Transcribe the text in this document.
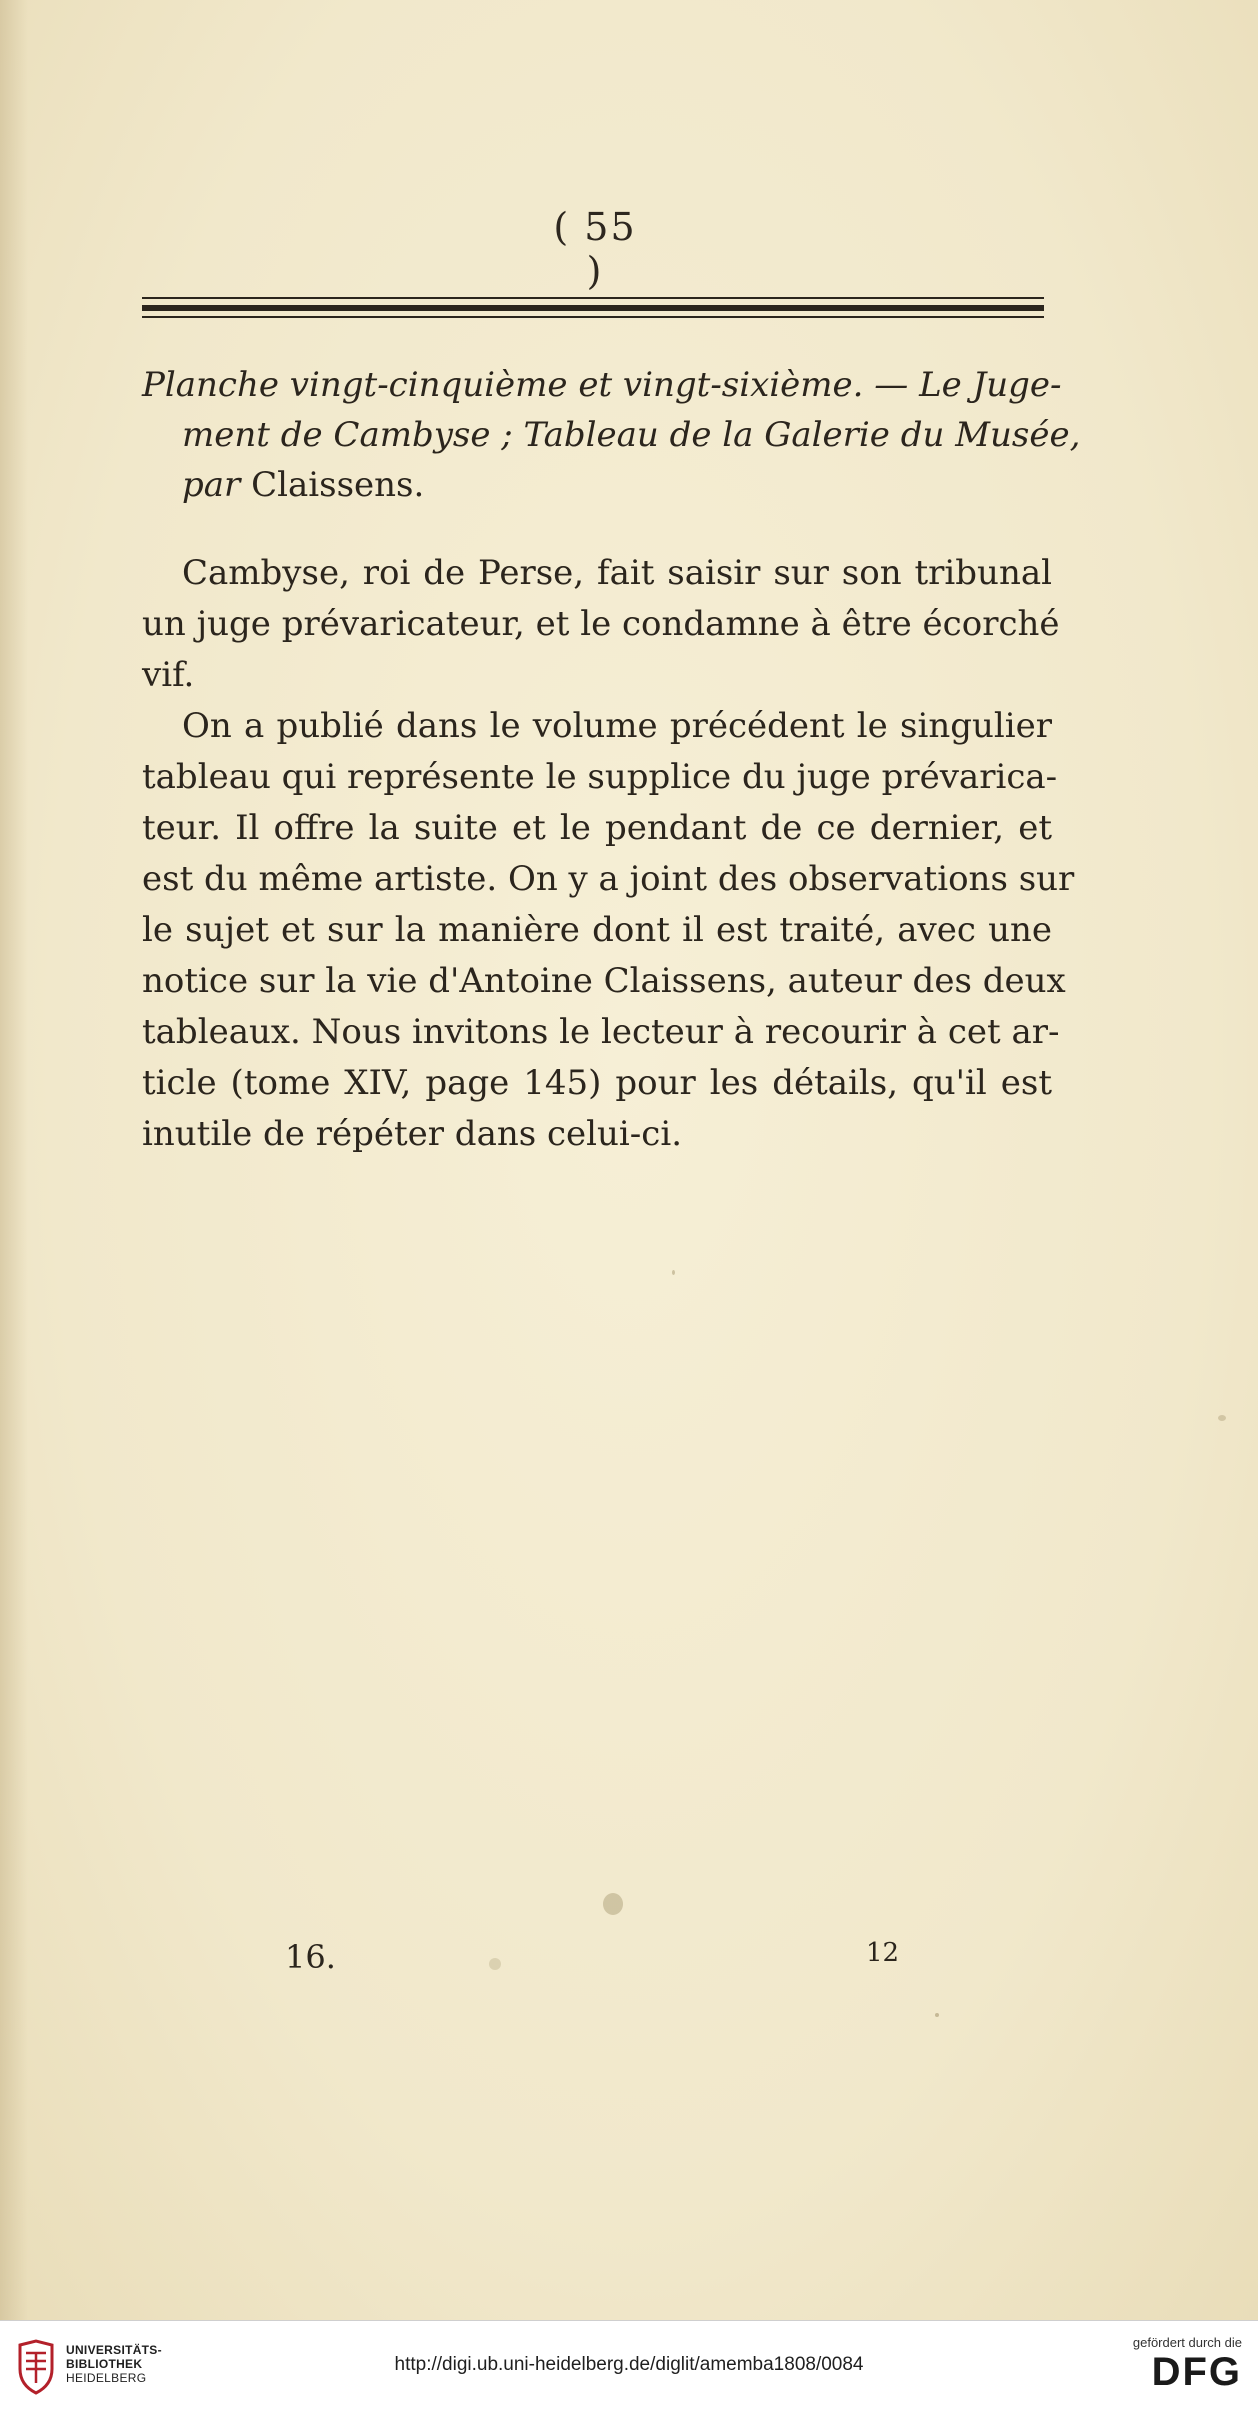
( 55 )
Planche vingt-cinquième et vingt-sixième. — Le Juge-
ment de Cambyse ; Tableau de la Galerie du Musée,
par Claissens.
Cambyse, roi de Perse, fait saisir sur son tribunal
un juge prévaricateur, et le condamne à être écorché
vif.
On a publié dans le volume précédent le singulier
tableau qui représente le supplice du juge prévarica-
teur. Il offre la suite et le pendant de ce dernier, et
est du même artiste. On y a joint des observations sur
le sujet et sur la manière dont il est traité, avec une
notice sur la vie d'Antoine Claissens, auteur des deux
tableaux. Nous invitons le lecteur à recourir à cet ar-
ticle (tome XIV, page 145) pour les détails, qu'il est
inutile de répéter dans celui-ci.
16.	12
UNIVERSITÄTS-
BIBLIOTHEK
HEIDELBERG
http://digi.ub.uni-heidelberg.de/diglit/amemba1808/0084
gefördert durch die
DFG
